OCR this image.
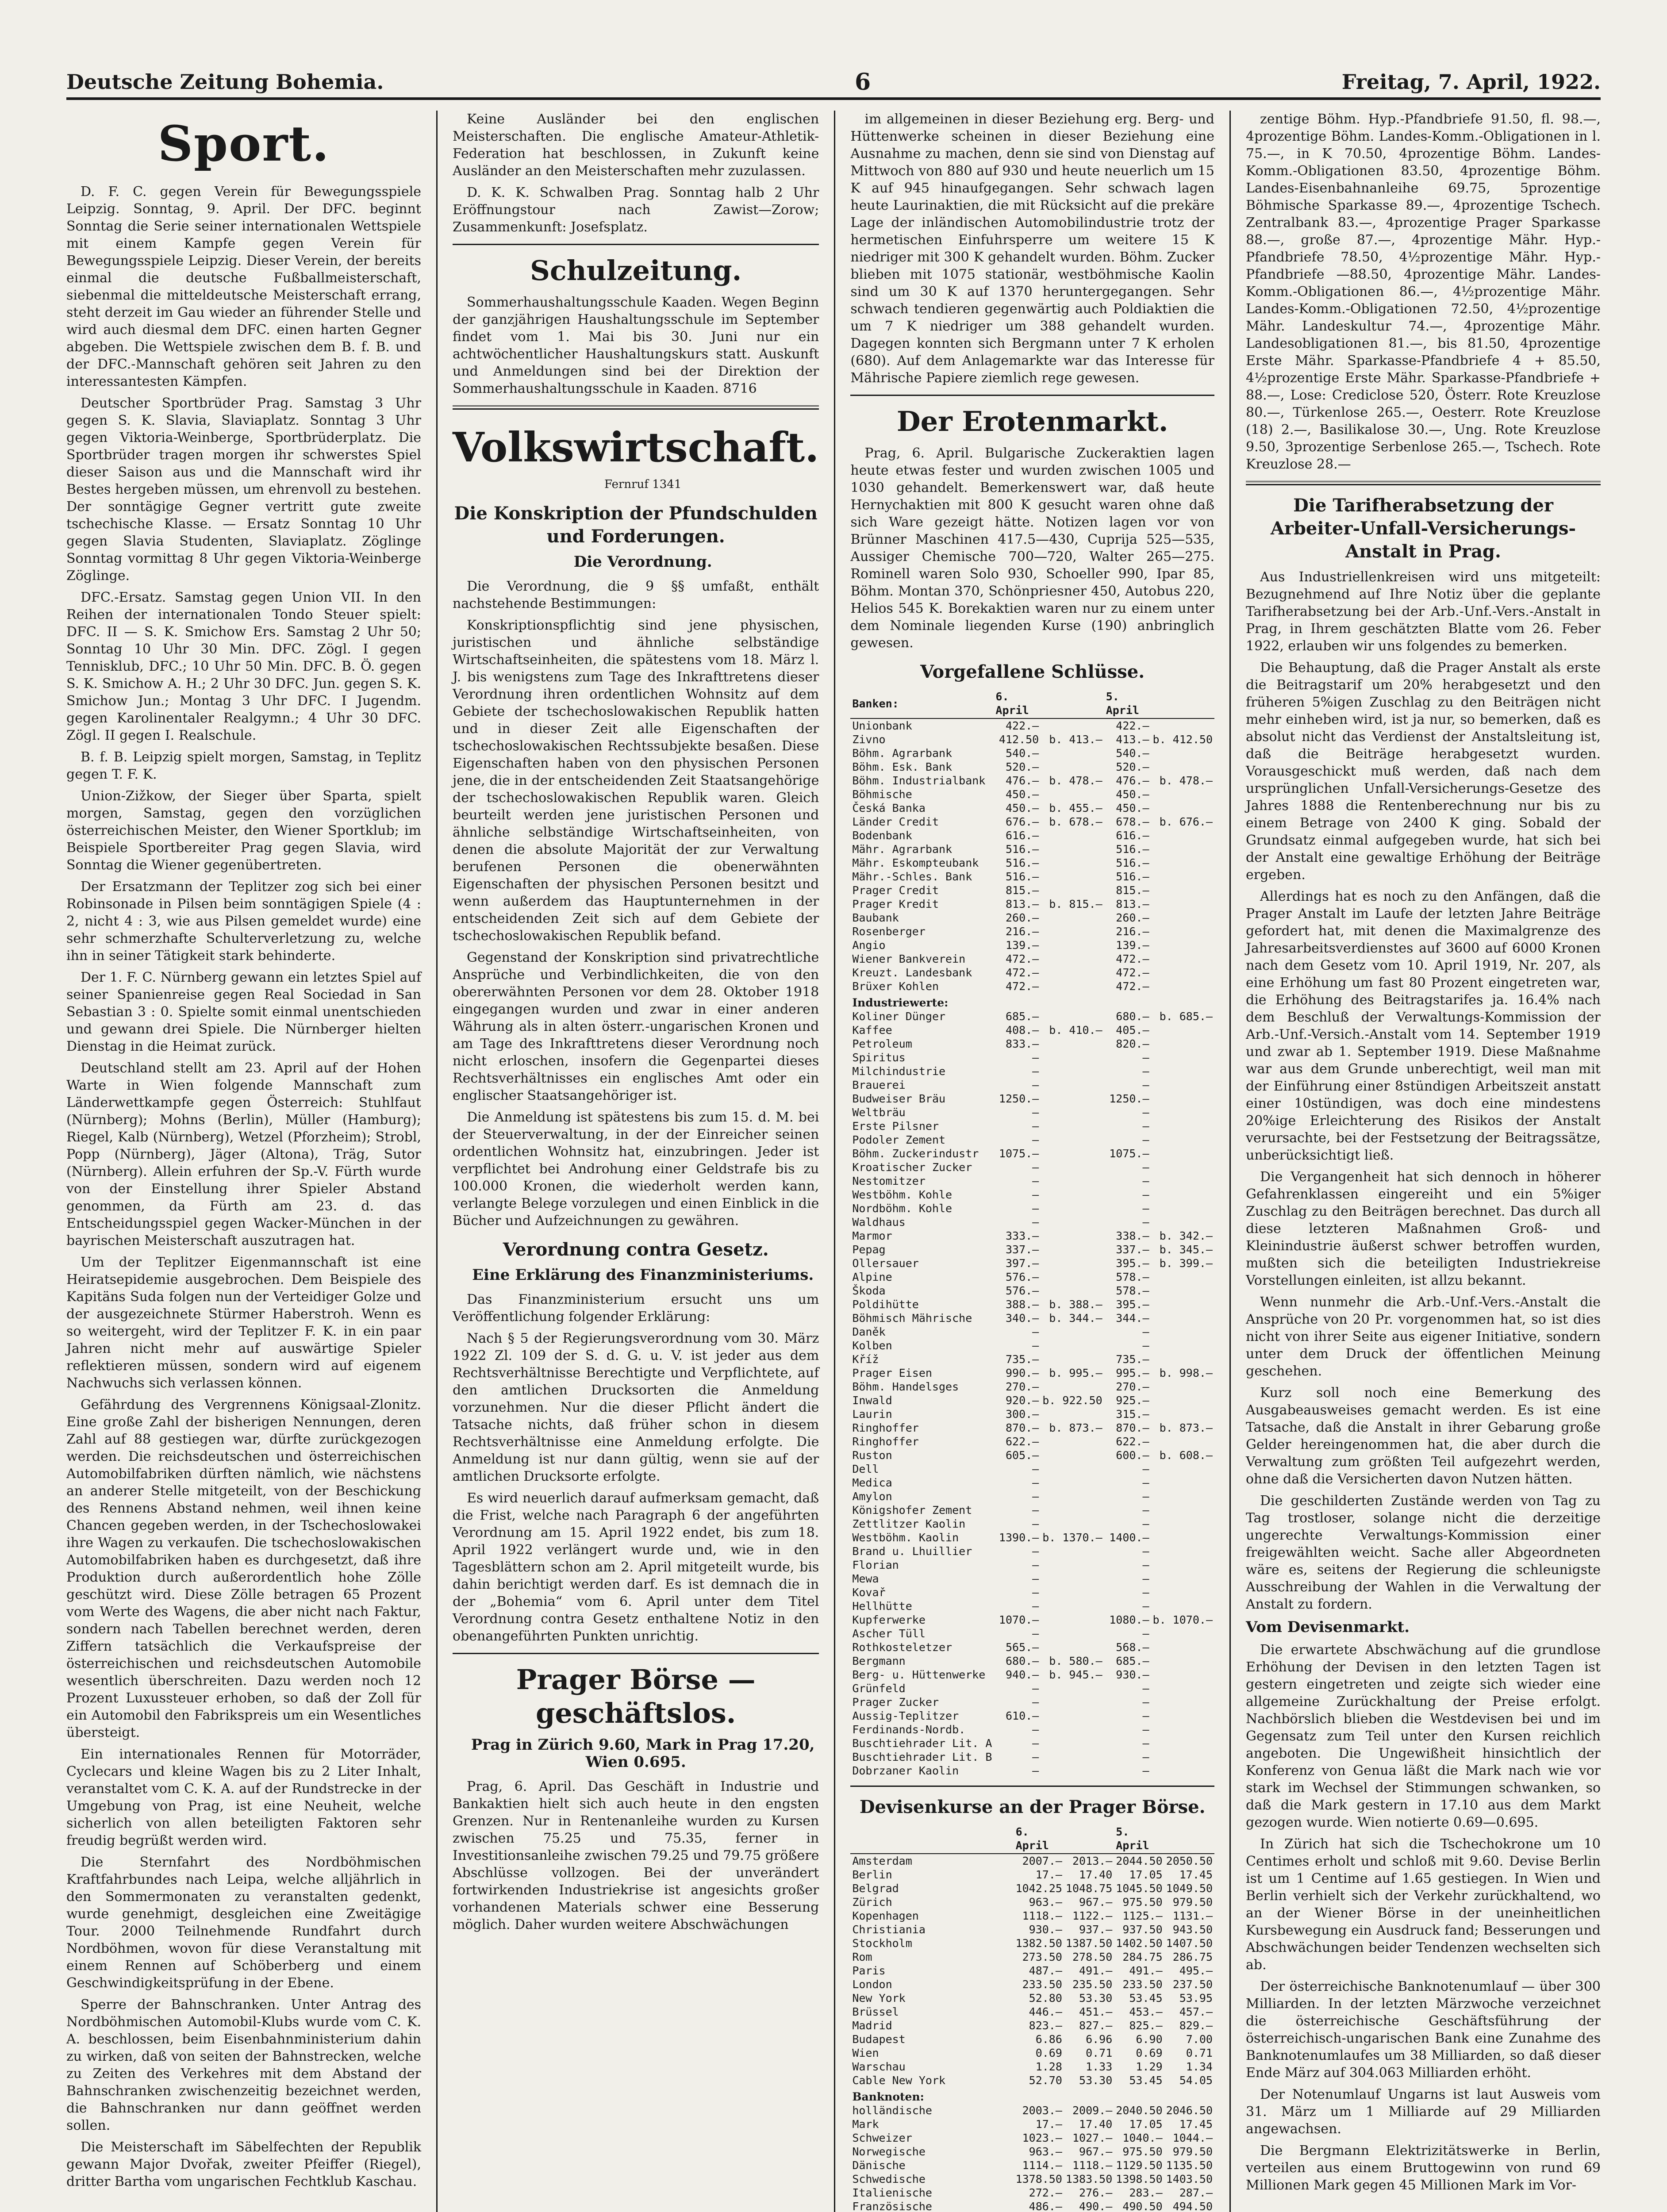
Deutsche Zeitung Bohemia.	6	Freitag, 7. April, 1922.
Sport.

D. F. C. gegen Verein für Bewegungsspiele Leipzig. Sonntag, 9. April. Der DFC. beginnt Sonntag die Serie seiner internationalen Wettspiele mit einem Kampfe gegen Verein für Bewegungsspiele Leipzig. Dieser Verein, der bereits einmal die deutsche Fußballmeisterschaft, siebenmal die mitteldeutsche Meisterschaft errang, steht derzeit im Gau wieder an führender Stelle und wird auch diesmal dem DFC. einen harten Gegner abgeben. Die Wettspiele zwischen dem B. f. B. und der DFC.-Mannschaft gehören seit Jahren zu den interessantesten Kämpfen.

Deutscher Sportbrüder Prag. Samstag 3 Uhr gegen S. K. Slavia, Slaviaplatz. Sonntag 3 Uhr gegen Viktoria-Weinberge, Sportbrüderplatz. Die Sportbrüder tragen morgen ihr schwerstes Spiel dieser Saison aus und die Mannschaft wird ihr Bestes hergeben müssen, um ehrenvoll zu bestehen. Der sonntägige Gegner vertritt gute zweite tschechische Klasse. — Ersatz Sonntag 10 Uhr gegen Slavia Studenten, Slaviaplatz. Zöglinge Sonntag vormittag 8 Uhr gegen Viktoria-Weinberge Zöglinge.

DFC.-Ersatz. Samstag gegen Union VII. In den Reihen der internationalen Tondo Steuer spielt: DFC. II — S. K. Smichow Ers. Samstag 2 Uhr 50; Sonntag 10 Uhr 30 Min. DFC. Zögl. I gegen Tennisklub, DFC.; 10 Uhr 50 Min. DFC. B. Ö. gegen S. K. Smichow A. H.; 2 Uhr 30 DFC. Jun. gegen S. K. Smichow Jun.; Montag 3 Uhr DFC. I Jugendm. gegen Karolinentaler Realgymn.; 4 Uhr 30 DFC. Zögl. II gegen I. Realschule.

B. f. B. Leipzig spielt morgen, Samstag, in Teplitz gegen T. F. K.

Union-Zižkow, der Sieger über Sparta, spielt morgen, Samstag, gegen den vorzüglichen österreichischen Meister, den Wiener Sportklub; im Beispiele Sportbereiter Prag gegen Slavia, wird Sonntag die Wiener gegenübertreten.

Der Ersatzmann der Teplitzer zog sich bei einer Robinsonade in Pilsen beim sonntägigen Spiele (4 : 2, nicht 4 : 3, wie aus Pilsen gemeldet wurde) eine sehr schmerzhafte Schulterverletzung zu, welche ihn in seiner Tätigkeit stark behinderte.

Der 1. F. C. Nürnberg gewann ein letztes Spiel auf seiner Spanienreise gegen Real Sociedad in San Sebastian 3 : 0. Spielte somit einmal unentschieden und gewann drei Spiele. Die Nürnberger hielten Dienstag in die Heimat zurück.

Deutschland stellt am 23. April auf der Hohen Warte in Wien folgende Mannschaft zum Länderwettkampfe gegen Österreich: Stuhlfaut (Nürnberg); Mohns (Berlin), Müller (Hamburg); Riegel, Kalb (Nürnberg), Wetzel (Pforzheim); Strobl, Popp (Nürnberg), Jäger (Altona), Träg, Sutor (Nürnberg). Allein erfuhren der Sp.-V. Fürth wurde von der Einstellung ihrer Spieler Abstand genommen, da Fürth am 23. d. das Entscheidungsspiel gegen Wacker-München in der bayrischen Meisterschaft auszutragen hat.

Um der Teplitzer Eigenmannschaft ist eine Heiratsepidemie ausgebrochen. Dem Beispiele des Kapitäns Suda folgen nun der Verteidiger Golze und der ausgezeichnete Stürmer Haberstroh. Wenn es so weitergeht, wird der Teplitzer F. K. in ein paar Jahren nicht mehr auf auswärtige Spieler reflektieren müssen, sondern wird auf eigenem Nachwuchs sich verlassen können.

Gefährdung des Vergrennens Königsaal-Zlonitz. Eine große Zahl der bisherigen Nennungen, deren Zahl auf 88 gestiegen war, dürfte zurückgezogen werden. Die reichsdeutschen und österreichischen Automobilfabriken dürften nämlich, wie nächstens an anderer Stelle mitgeteilt, von der Beschickung des Rennens Abstand nehmen, weil ihnen keine Chancen gegeben werden, in der Tschechoslowakei ihre Wagen zu verkaufen. Die tschechoslowakischen Automobilfabriken haben es durchgesetzt, daß ihre Produktion durch außerordentlich hohe Zölle geschützt wird. Diese Zölle betragen 65 Prozent vom Werte des Wagens, die aber nicht nach Faktur, sondern nach Tabellen berechnet werden, deren Ziffern tatsächlich die Verkaufspreise der österreichischen und reichsdeutschen Automobile wesentlich überschreiten. Dazu werden noch 12 Prozent Luxussteuer erhoben, so daß der Zoll für ein Automobil den Fabrikspreis um ein Wesentliches übersteigt.

Ein internationales Rennen für Motorräder, Cyclecars und kleine Wagen bis zu 2 Liter Inhalt, veranstaltet vom C. K. A. auf der Rundstrecke in der Umgebung von Prag, ist eine Neuheit, welche sicherlich von allen beteiligten Faktoren sehr freudig begrüßt werden wird.

Die Sternfahrt des Nordböhmischen Kraftfahrbundes nach Leipa, welche alljährlich in den Sommermonaten zu veranstalten gedenkt, wurde genehmigt, desgleichen eine Zweitägige Tour. 2000 Teilnehmende Rundfahrt durch Nordböhmen, wovon für diese Veranstaltung mit einem Rennen auf Schöberberg und einem Geschwindigkeitsprüfung in der Ebene.

Sperre der Bahnschranken. Unter Antrag des Nordböhmischen Automobil-Klubs wurde vom C. K. A. beschlossen, beim Eisenbahnministerium dahin zu wirken, daß von seiten der Bahnstrecken, welche zu Zeiten des Verkehres mit dem Abstand der Bahnschranken zwischenzeitig bezeichnet werden, die Bahnschranken nur dann geöffnet werden sollen.

Die Meisterschaft im Säbelfechten der Republik gewann Major Dvořak, zweiter Pfeiffer (Riegel), dritter Bartha vom ungarischen Fechtklub Kaschau.

Keine Ausländer bei den englischen Meisterschaften. Die englische Amateur-Athletik-Federation hat beschlossen, in Zukunft keine Ausländer an den Meisterschaften mehr zuzulassen.

D. K. K. Schwalben Prag. Sonntag halb 2 Uhr Eröffnungstour nach Zawist—Zorow; Zusammenkunft: Josefsplatz.

Schulzeitung.

Sommerhaushaltungsschule Kaaden. Wegen Beginn der ganzjährigen Haushaltungsschule im September findet vom 1. Mai bis 30. Juni nur ein achtwöchentlicher Haushaltungskurs statt. Auskunft und Anmeldungen sind bei der Direktion der Sommerhaushaltungsschule in Kaaden. 8716

Volkswirtschaft.

Fernruf 1341

Die Konskription der Pfundschulden und Forderungen.

Die Verordnung.

Die Verordnung, die 9 §§ umfaßt, enthält nachstehende Bestimmungen:

Konskriptionspflichtig sind jene physischen, juristischen und ähnliche selbständige Wirtschaftseinheiten, die spätestens vom 18. März l. J. bis wenigstens zum Tage des Inkrafttretens dieser Verordnung ihren ordentlichen Wohnsitz auf dem Gebiete der tschechoslowakischen Republik hatten und in dieser Zeit alle Eigenschaften der tschechoslowakischen Rechtssubjekte besaßen. Diese Eigenschaften haben von den physischen Personen jene, die in der entscheidenden Zeit Staatsangehörige der tschechoslowakischen Republik waren. Gleich beurteilt werden jene juristischen Personen und ähnliche selbständige Wirtschaftseinheiten, von denen die absolute Majorität der zur Verwaltung berufenen Personen die obenerwähnten Eigenschaften der physischen Personen besitzt und wenn außerdem das Hauptunternehmen in der entscheidenden Zeit sich auf dem Gebiete der tschechoslowakischen Republik befand.

Gegenstand der Konskription sind privatrechtliche Ansprüche und Verbindlichkeiten, die von den obererwähnten Personen vor dem 28. Oktober 1918 eingegangen wurden und zwar in einer anderen Währung als in alten österr.-ungarischen Kronen und am Tage des Inkrafttretens dieser Verordnung noch nicht erloschen, insofern die Gegenpartei dieses Rechtsverhältnisses ein englisches Amt oder ein englischer Staatsangehöriger ist.

Die Anmeldung ist spätestens bis zum 15. d. M. bei der Steuerverwaltung, in der der Einreicher seinen ordentlichen Wohnsitz hat, einzubringen. Jeder ist verpflichtet bei Androhung einer Geldstrafe bis zu 100.000 Kronen, die wiederholt werden kann, verlangte Belege vorzulegen und einen Einblick in die Bücher und Aufzeichnungen zu gewähren.

Verordnung contra Gesetz.

Eine Erklärung des Finanzministeriums.

Das Finanzministerium ersucht uns um Veröffentlichung folgender Erklärung:

Nach § 5 der Regierungsverordnung vom 30. März 1922 Zl. 109 der S. d. G. u. V. ist jeder aus dem Rechtsverhältnisse Berechtigte und Verpflichtete, auf den amtlichen Drucksorten die Anmeldung vorzunehmen. Nur die dieser Pflicht ändert die Tatsache nichts, daß früher schon in diesem Rechtsverhältnisse eine Anmeldung erfolgte. Die Anmeldung ist nur dann gültig, wenn sie auf der amtlichen Drucksorte erfolgte.

Es wird neuerlich darauf aufmerksam gemacht, daß die Frist, welche nach Paragraph 6 der angeführten Verordnung am 15. April 1922 endet, bis zum 18. April 1922 verlängert wurde und, wie in den Tagesblättern schon am 2. April mitgeteilt wurde, bis dahin berichtigt werden darf. Es ist demnach die in der „Bohemia“ vom 6. April unter dem Titel Verordnung contra Gesetz enthaltene Notiz in den obenangeführten Punkten unrichtig.

Prager Börse — geschäftslos.

Prag in Zürich 9.60, Mark in Prag 17.20, Wien 0.695.

Prag, 6. April. Das Geschäft in Industrie und Bankaktien hielt sich auch heute in den engsten Grenzen. Nur in Rentenanleihe wurden zu Kursen zwischen 75.25 und 75.35, ferner in Investitionsanleihe zwischen 79.25 und 79.75 größere Abschlüsse vollzogen. Bei der unverändert fortwirkenden Industriekrise ist angesichts großer vorhandenen Materials schwer eine Besserung möglich. Daher wurden weitere Abschwächungen

im allgemeinen in dieser Beziehung erg. Berg- und Hüttenwerke scheinen in dieser Beziehung eine Ausnahme zu machen, denn sie sind von Dienstag auf Mittwoch von 880 auf 930 und heute neuerlich um 15 K auf 945 hinaufgegangen. Sehr schwach lagen heute Laurinaktien, die mit Rücksicht auf die prekäre Lage der inländischen Automobilindustrie trotz der hermetischen Einfuhrsperre um weitere 15 K niedriger mit 300 K gehandelt wurden. Böhm. Zucker blieben mit 1075 stationär, westböhmische Kaolin sind um 30 K auf 1370 heruntergegangen. Sehr schwach tendieren gegenwärtig auch Poldiaktien die um 7 K niedriger um 388 gehandelt wurden. Dagegen konnten sich Bergmann unter 7 K erholen (680). Auf dem Anlagemarkte war das Interesse für Mährische Papiere ziemlich rege gewesen.

Der Erotenmarkt.

Prag, 6. April. Bulgarische Zuckeraktien lagen heute etwas fester und wurden zwischen 1005 und 1030 gehandelt. Bemerkenswert war, daß heute Hernychaktien mit 800 K gesucht waren ohne daß sich Ware gezeigt hätte. Notizen lagen vor von Brünner Maschinen 417.5—430, Cuprija 525—535, Aussiger Chemische 700—720, Walter 265—275. Rominell waren Solo 930, Schoeller 990, Ipar 85, Böhm. Montan 370, Schönpriesner 450, Autobus 220, Helios 545 K. Borekaktien waren nur zu einem unter dem Nominale liegenden Kurse (190) anbringlich gewesen.

Vorgefallene Schlüsse.
Banken:	6. April		5. April	
Unionbank	422.—		422.—	
Zivno	412.50	b. 413.—	413.—	b. 412.50
Böhm. Agrarbank	540.—		540.—	
Böhm. Esk. Bank	520.—		520.—	
Böhm. Industrialbank	476.—	b. 478.—	476.—	b. 478.—
Böhmische	450.—		450.—	
Česká Banka	450.—	b. 455.—	450.—	
Länder Credit	676.—	b. 678.—	678.—	b. 676.—
Bodenbank	616.—		616.—	
Mähr. Agrarbank	516.—		516.—	
Mähr. Eskompteubank	516.—		516.—	
Mähr.-Schles. Bank	516.—		516.—	
Prager Credit	815.—		815.—	
Prager Kredit	813.—	b. 815.—	813.—	
Baubank	260.—		260.—	
Rosenberger	216.—		216.—	
Angio	139.—		139.—	
Wiener Bankverein	472.—		472.—	
Kreuzt. Landesbank	472.—		472.—	
Brüxer Kohlen	472.—		472.—	
Industriewerte:				
Koliner Dünger	685.—		680.—	b. 685.—
Kaffee	408.—	b. 410.—	405.—	
Petroleum	833.—		820.—	
Spiritus	—		—	
Milchindustrie	—		—	
Brauerei	—		—	
Budweiser Bräu	1250.—		1250.—	
Weltbräu	—		—	
Erste Pilsner	—		—	
Podoler Zement	—		—	
Böhm. Zuckerindustr	1075.—		1075.—	
Kroatischer Zucker	—		—	
Nestomitzer	—		—	
Westböhm. Kohle	—		—	
Nordböhm. Kohle	—		—	
Waldhaus	—		—	
Marmor	333.—		338.—	b. 342.—
Pepag	337.—		337.—	b. 345.—
Ollersauer	397.—		395.—	b. 399.—
Alpine	576.—		578.—	
Škoda	576.—		578.—	
Poldihütte	388.—	b. 388.—	395.—	
Böhmisch Mährische	340.—	b. 344.—	344.—	
Daněk	—		—	
Kolben	—		—	
Kříž	735.—		735.—	
Prager Eisen	990.—	b. 995.—	995.—	b. 998.—
Böhm. Handelsges	270.—		270.—	
Inwald	920.—	b. 922.50	925.—	
Laurin	300.—		315.—	
Ringhoffer	870.—	b. 873.—	870.—	b. 873.—
Ringhoffer	622.—		622.—	
Ruston	605.—		600.—	b. 608.—
Dell	—		—	
Medica	—		—	
Amylon	—		—	
Königshofer Zement	—		—	
Zettlitzer Kaolin	—		—	
Westböhm. Kaolin	1390.—	b. 1370.—	1400.—	
Brand u. Lhuillier	—		—	
Florian	—		—	
Mewa	—		—	
Kovař	—		—	
Hellhütte	—		—	
Kupferwerke	1070.—		1080.—	b. 1070.—
Ascher Tüll	—		—	
Rothkosteletzer	565.—		568.—	
Bergmann	680.—	b. 580.—	685.—	
Berg- u. Hüttenwerke	940.—	b. 945.—	930.—	
Grünfeld	—		—	
Prager Zucker	—		—	
Aussig-Teplitzer	610.—		—	
Ferdinands-Nordb.	—		—	
Buschtiehrader Lit. A	—		—	
Buschtiehrader Lit. B	—		—	
Dobrzaner Kaolin	—		—	
Devisenkurse an der Prager Börse.
	6. April		5. April	
Amsterdam	2007.—	2013.—	2044.50	2050.50
Berlin	17.—	17.40	17.05	17.45
Belgrad	1042.25	1048.75	1045.50	1049.50
Zürich	963.—	967.—	975.50	979.50
Kopenhagen	1118.—	1122.—	1125.—	1131.—
Christiania	930.—	937.—	937.50	943.50
Stockholm	1382.50	1387.50	1402.50	1407.50
Rom	273.50	278.50	284.75	286.75
Paris	487.—	491.—	491.—	495.—
London	233.50	235.50	233.50	237.50
New York	52.80	53.30	53.45	53.95
Brüssel	446.—	451.—	453.—	457.—
Madrid	823.—	827.—	825.—	829.—
Budapest	6.86	6.96	6.90	7.00
Wien	0.69	0.71	0.69	0.71
Warschau	1.28	1.33	1.29	1.34
Cable New York	52.70	53.30	53.45	54.05
Banknoten:				
holländische	2003.—	2009.—	2040.50	2046.50
Mark	17.—	17.40	17.05	17.45
Schweizer	1023.—	1027.—	1040.—	1044.—
Norwegische	963.—	967.—	975.50	979.50
Dänische	1114.—	1118.—	1129.50	1135.50
Schwedische	1378.50	1383.50	1398.50	1403.50
Italienische	272.—	276.—	283.—	287.—
Französische	486.—	490.—	490.50	494.50

zentige Böhm. Hyp.-Pfandbriefe 91.50, fl. 98.—, 4prozentige Böhm. Landes-Komm.-Obligationen in l. 75.—, in K 70.50, 4prozentige Böhm. Landes-Komm.-Obligationen 83.50, 4prozentige Böhm. Landes-Eisenbahnanleihe 69.75, 5prozentige Böhmische Sparkasse 89.—, 4prozentige Tschech. Zentralbank 83.—, 4prozentige Prager Sparkasse 88.—, große 87.—, 4prozentige Mähr. Hyp.-Pfandbriefe 78.50, 4½prozentige Mähr. Hyp.-Pfandbriefe —88.50, 4prozentige Mähr. Landes-Komm.-Obligationen 86.—, 4½prozentige Mähr. Landes-Komm.-Obligationen 72.50, 4½prozentige Mähr. Landeskultur 74.—, 4prozentige Mähr. Landesobligationen 81.—, bis 81.50, 4prozentige Erste Mähr. Sparkasse-Pfandbriefe 4 + 85.50, 4½prozentige Erste Mähr. Sparkasse-Pfandbriefe + 88.—, Lose: Crediclose 520, Österr. Rote Kreuzlose 80.—, Türkenlose 265.—, Oesterr. Rote Kreuzlose (18) 2.—, Basilikalose 30.—, Ung. Rote Kreuzlose 9.50, 3prozentige Serbenlose 265.—, Tschech. Rote Kreuzlose 28.—

Die Tarifherabsetzung der Arbeiter-Unfall-Versicherungs-Anstalt in Prag.

Aus Industriellenkreisen wird uns mitgeteilt: Bezugnehmend auf Ihre Notiz über die geplante Tarifherabsetzung bei der Arb.-Unf.-Vers.-Anstalt in Prag, in Ihrem geschätzten Blatte vom 26. Feber 1922, erlauben wir uns folgendes zu bemerken.

Die Behauptung, daß die Prager Anstalt als erste die Beitragstarif um 20% herabgesetzt und den früheren 5%igen Zuschlag zu den Beiträgen nicht mehr einheben wird, ist ja nur, so bemerken, daß es absolut nicht das Verdienst der Anstaltsleitung ist, daß die Beiträge herabgesetzt wurden. Vorausgeschickt muß werden, daß nach dem ursprünglichen Unfall-Versicherungs-Gesetze des Jahres 1888 die Rentenberechnung nur bis zu einem Betrage von 2400 K ging. Sobald der Grundsatz einmal aufgegeben wurde, hat sich bei der Anstalt eine gewaltige Erhöhung der Beiträge ergeben.

Allerdings hat es noch zu den Anfängen, daß die Prager Anstalt im Laufe der letzten Jahre Beiträge gefordert hat, mit denen die Maximalgrenze des Jahresarbeitsverdienstes auf 3600 auf 6000 Kronen nach dem Gesetz vom 10. April 1919, Nr. 207, als eine Erhöhung um fast 80 Prozent eingetreten war, die Erhöhung des Beitragstarifes ja. 16.4% nach dem Beschluß der Verwaltungs-Kommission der Arb.-Unf.-Versich.-Anstalt vom 14. September 1919 und zwar ab 1. September 1919. Diese Maßnahme war aus dem Grunde unberechtigt, weil man mit der Einführung einer 8stündigen Arbeitszeit anstatt einer 10stündigen, was doch eine mindestens 20%ige Erleichterung des Risikos der Anstalt verursachte, bei der Festsetzung der Beitragssätze, unberücksichtigt ließ.

Die Vergangenheit hat sich dennoch in höherer Gefahrenklassen eingereiht und ein 5%iger Zuschlag zu den Beiträgen berechnet. Das durch all diese letzteren Maßnahmen Groß- und Kleinindustrie äußerst schwer betroffen wurden, mußten sich die beteiligten Industriekreise Vorstellungen einleiten, ist allzu bekannt.

Wenn nunmehr die Arb.-Unf.-Vers.-Anstalt die Ansprüche von 20 Pr. vorgenommen hat, so ist dies nicht von ihrer Seite aus eigener Initiative, sondern unter dem Druck der öffentlichen Meinung geschehen.

Kurz soll noch eine Bemerkung des Ausgabeausweises gemacht werden. Es ist eine Tatsache, daß die Anstalt in ihrer Gebarung große Gelder hereingenommen hat, die aber durch die Verwaltung zum größten Teil aufgezehrt werden, ohne daß die Versicherten davon Nutzen hätten.

Die geschilderten Zustände werden von Tag zu Tag trostloser, solange nicht die derzeitige ungerechte Verwaltungs-Kommission einer freigewählten weicht. Sache aller Abgeordneten wäre es, seitens der Regierung die schleunigste Ausschreibung der Wahlen in die Verwaltung der Anstalt zu fordern.

Vom Devisenmarkt.

Die erwartete Abschwächung auf die grundlose Erhöhung der Devisen in den letzten Tagen ist gestern eingetreten und zeigte sich wieder eine allgemeine Zurückhaltung der Preise erfolgt. Nachbörslich blieben die Westdevisen bei und im Gegensatz zum Teil unter den Kursen reichlich angeboten. Die Ungewißheit hinsichtlich der Konferenz von Genua läßt die Mark nach wie vor stark im Wechsel der Stimmungen schwanken, so daß die Mark gestern in 17.10 aus dem Markt gezogen wurde. Wien notierte 0.69—0.695.

In Zürich hat sich die Tschechokrone um 10 Centimes erholt und schloß mit 9.60. Devise Berlin ist um 1 Centime auf 1.65 gestiegen. In Wien und Berlin verhielt sich der Verkehr zurückhaltend, wo an der Wiener Börse in der uneinheitlichen Kursbewegung ein Ausdruck fand; Besserungen und Abschwächungen beider Tendenzen wechselten sich ab.

Der österreichische Banknotenumlauf — über 300 Milliarden. In der letzten Märzwoche verzeichnet die österreichische Geschäftsführung der österreichisch-ungarischen Bank eine Zunahme des Banknotenumlaufes um 38 Milliarden, so daß dieser Ende März auf 304.063 Milliarden erhöht.

Der Notenumlauf Ungarns ist laut Ausweis vom 31. März um 1 Milliarde auf 29 Milliarden angewachsen.

Die Bergmann Elektrizitätswerke in Berlin, verteilen aus einem Bruttogewinn von rund 69 Millionen Mark gegen 45 Millionen Mark im Vor-
